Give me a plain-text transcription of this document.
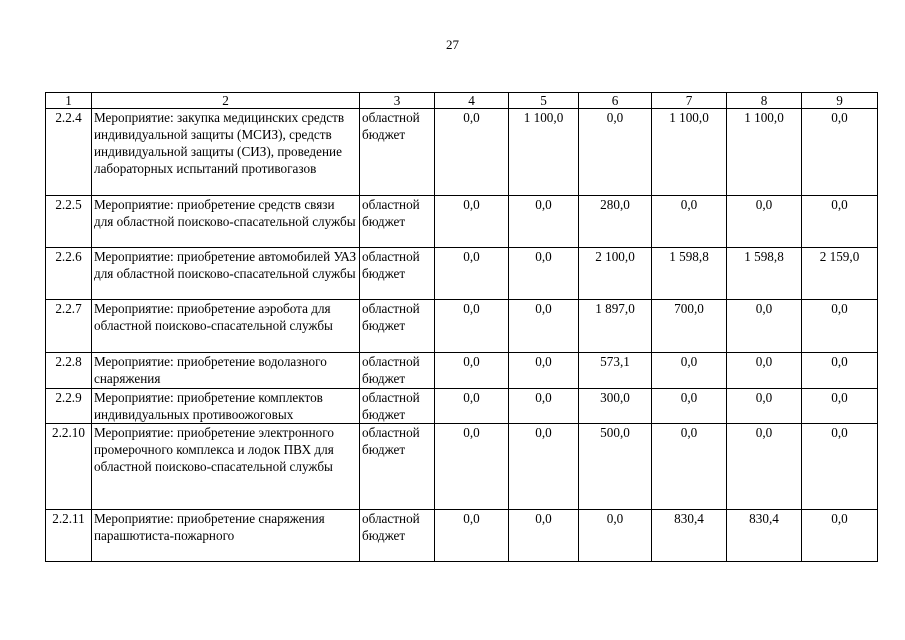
27
1	2	3	4	5	6	7	8	9
2.2.4	Мероприятие: закупка медицинских средств индивидуальной защиты (МСИЗ), средств индивидуальной защиты (СИЗ), проведение лабораторных испытаний противогазов	областной бюджет	0,0	1 100,0	0,0	1 100,0	1 100,0	0,0
2.2.5	Мероприятие: приобретение средств связи для областной поисково-спасательной службы	областной бюджет	0,0	0,0	280,0	0,0	0,0	0,0
2.2.6	Мероприятие: приобретение автомобилей УАЗ для областной поисково-спасательной службы	областной бюджет	0,0	0,0	2 100,0	1 598,8	1 598,8	2 159,0
2.2.7	Мероприятие: приобретение аэробота для областной поисково-спасательной службы	областной бюджет	0,0	0,0	1 897,0	700,0	0,0	0,0
2.2.8	Мероприятие: приобретение водолазного снаряжения	областной бюджет	0,0	0,0	573,1	0,0	0,0	0,0
2.2.9	Мероприятие: приобретение комплектов индивидуальных противоожоговых	областной бюджет	0,0	0,0	300,0	0,0	0,0	0,0
2.2.10	Мероприятие: приобретение электронного промерочного комплекса и лодок ПВХ для областной поисково-спасательной службы	областной бюджет	0,0	0,0	500,0	0,0	0,0	0,0
2.2.11	Мероприятие: приобретение снаряжения парашютиста-пожарного	областной бюджет	0,0	0,0	0,0	830,4	830,4	0,0
